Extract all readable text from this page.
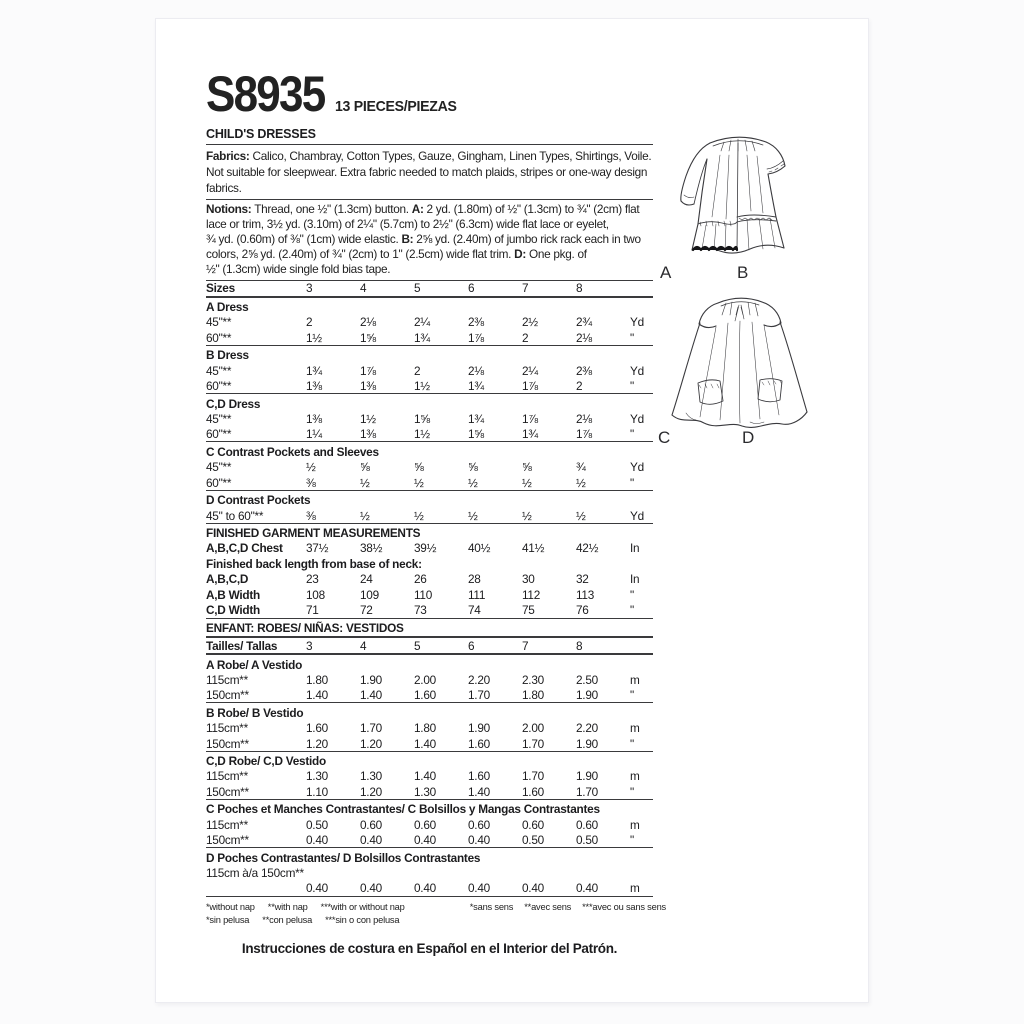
S8935 13 PIECES/PIEZAS
CHILD'S DRESSES
Fabrics: Calico, Chambray, Cotton Types, Gauze, Gingham, Linen Types, Shirtings, Voile.
Not suitable for sleepwear. Extra fabric needed to match plaids, stripes or one-way design
fabrics.
Notions: Thread, one ½" (1.3cm) button. A: 2 yd. (1.80m) of ½" (1.3cm) to ¾" (2cm) flat
lace or trim, 3½ yd. (3.10m) of 2¼" (5.7cm) to 2½" (6.3cm) wide flat lace or eyelet,
¾ yd. (0.60m) of ⅜" (1cm) wide elastic. B: 2⅝ yd. (2.40m) of jumbo rick rack each in two
colors, 2⅝ yd. (2.40m) of ¾" (2cm) to 1" (2.5cm) wide flat trim. D: One pkg. of
½" (1.3cm) wide single fold bias tape.
Sizes	3	4	5	6	7	8
A Dress
45"**	2	2⅛	2¼	2⅜	2½	2¾	Yd
60"**	1½	1⅝	1¾	1⅞	2	2⅛	"
B Dress
45"**	1¾	1⅞	2	2⅛	2¼	2⅜	Yd
60"**	1⅜	1⅜	1½	1¾	1⅞	2	"
C,D Dress
45"**	1⅜	1½	1⅝	1¾	1⅞	2⅛	Yd
60"**	1¼	1⅜	1½	1⅝	1¾	1⅞	"
C Contrast Pockets and Sleeves
45"**	½	⅝	⅝	⅝	⅝	¾	Yd
60"**	⅜	½	½	½	½	½	"
D Contrast Pockets
45" to 60"**	⅜	½	½	½	½	½	Yd
FINISHED GARMENT MEASUREMENTS
A,B,C,D Chest	37½	38½	39½	40½	41½	42½	In
Finished back length from base of neck:
A,B,C,D	23	24	26	28	30	32	In
A,B Width	108	109	110	111	112	113	"
C,D Width	71	72	73	74	75	76	"
ENFANT: ROBES/ NIÑAS: VESTIDOS
Tailles/ Tallas	3	4	5	6	7	8
A Robe/ A Vestido
115cm**	1.80	1.90	2.00	2.20	2.30	2.50	m
150cm**	1.40	1.40	1.60	1.70	1.80	1.90	"
B Robe/ B Vestido
115cm**	1.60	1.70	1.80	1.90	2.00	2.20	m
150cm**	1.20	1.20	1.40	1.60	1.70	1.90	"
C,D Robe/ C,D Vestido
115cm**	1.30	1.30	1.40	1.60	1.70	1.90	m
150cm**	1.10	1.20	1.30	1.40	1.60	1.70	"
C Poches et Manches Contrastantes/ C Bolsillos y Mangas Contrastantes
115cm**	0.50	0.60	0.60	0.60	0.60	0.60	m
150cm**	0.40	0.40	0.40	0.40	0.50	0.50	"
D Poches Contrastantes/ D Bolsillos Contrastantes
115cm à/a 150cm**
0.40	0.40	0.40	0.40	0.40	0.40	m
*without nap **with nap ***with or without nap	*sans sens **avec sens ***avec ou sans sens
*sin pelusa **con pelusa ***sin o con pelusa
Instrucciones de costura en Español en el Interior del Patrón.
A	B
C	D
